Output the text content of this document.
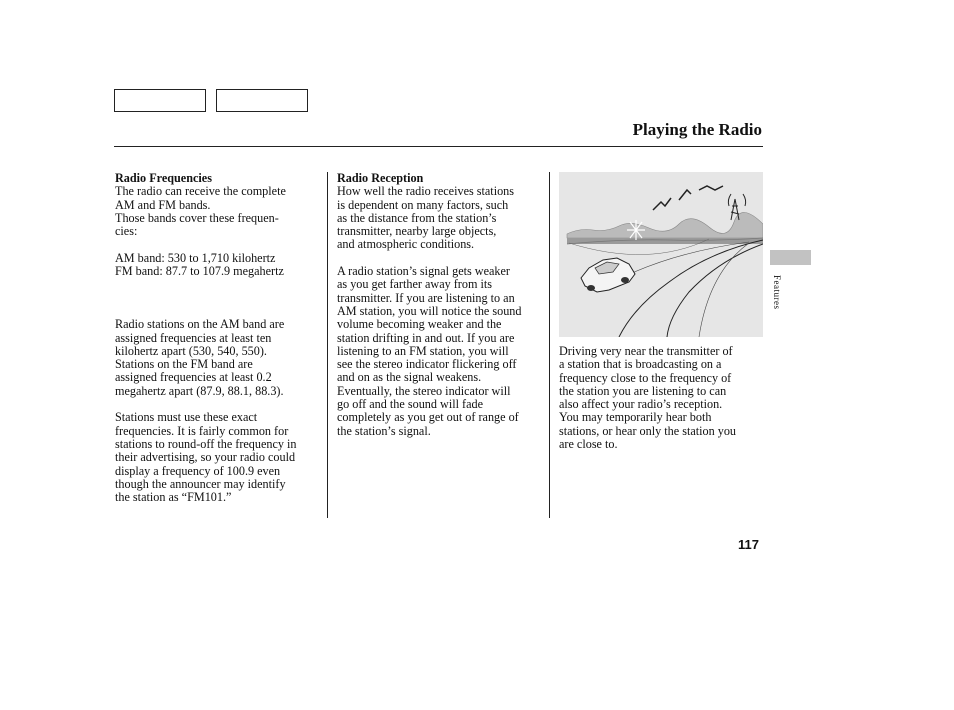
Playing the Radio
Radio Frequencies

The radio can receive the complete
AM and FM bands.
Those bands cover these frequen-
cies:

AM band: 530 to 1,710 kilohertz
FM band: 87.7 to 107.9 megahertz

Radio stations on the AM band are
assigned frequencies at least ten
kilohertz apart (530, 540, 550).
Stations on the FM band are
assigned frequencies at least 0.2
megahertz apart (87.9, 88.1, 88.3).

Stations must use these exact
frequencies. It is fairly common for
stations to round-off the frequency in
their advertising, so your radio could
display a frequency of 100.9 even
though the announcer may identify
the station as “FM101.”

Radio Reception

How well the radio receives stations
is dependent on many factors, such
as the distance from the station’s
transmitter, nearby large objects,
and atmospheric conditions.

A radio station’s signal gets weaker
as you get farther away from its
transmitter. If you are listening to an
AM station, you will notice the sound
volume becoming weaker and the
station drifting in and out. If you are
listening to an FM station, you will
see the stereo indicator flickering off
and on as the signal weakens.
Eventually, the stereo indicator will
go off and the sound will fade
completely as you get out of range of
the station’s signal.

Driving very near the transmitter of
a station that is broadcasting on a
frequency close to the frequency of
the station you are listening to can
also affect your radio’s reception.
You may temporarily hear both
stations, or hear only the station you
are close to.

Features
117
